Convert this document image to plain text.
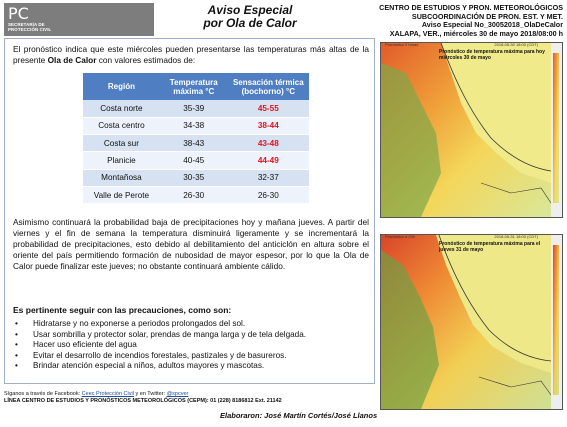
PC
SECRETARÍA DE
PROTECCIÓN CIVIL
Aviso Especial
por Ola de Calor
CENTRO DE ESTUDIOS Y PRON. METEOROLÓGICOS
SUBCOORDINACIÓN DE PRON. EST. Y MET.
Aviso Especial No_30052018_OlaDeCalor
XALAPA, VER., miércoles 30 de mayo 2018/08:00 h

El pronóstico indica que este miércoles pueden presentarse las temperaturas más altas de la presente Ola de Calor con valores estimados de:

Región	Temperatura máxima °C	Sensación térmica (bochorno) °C
Costa norte	35-39	45-55
Costa centro	34-38	38-44
Costa sur	38-43	43-48
Planicie	40-45	44-49
Montañosa	30-35	32-37
Valle de Perote	26-30	26-30

Asimismo continuará la probabilidad baja de precipitaciones hoy y mañana jueves. A partir del viernes y el fin de semana la temperatura disminuirá ligeramente y se incrementará la probabilidad de precipitaciones, esto debido al debilitamiento del anticiclón en altura sobre el oriente del país permitiendo formación de nubosidad de mayor espesor, por lo que la Ola de Calor puede finalizar este jueves; no obstante continuará ambiente cálido.

Es pertinente seguir con las precauciones, como son:
• Hidratarse y no exponerse a periodos prolongados del sol.
• Usar sombrilla y protector solar, prendas de manga larga y de tela delgada.
• Hacer uso eficiente del agua
• Evitar el desarrollo de incendios forestales, pastizales y de basureros.
• Brindar atención especial a niños, adultos mayores y mascotas.
Síganos a través de Facebook: Ceec Protección Civil y en Twitter: @spcver
LÍNEA CENTRO DE ESTUDIOS Y PRONÓSTICOS METEOROLÓGICOS (CEPM): 01 (228) 8186812 Ext. 21142
Elaboraron: José Martín Cortés/José Llanos
Pronóstico 0 horas	2018-05-30 18:00 (CDT)
Pronóstico de temperatura máxima para hoy miércoles 30 de mayo
Pronóstico a 24h	2018-05-31 18:00 (CDT)
Pronóstico de temperatura máxima para el jueves 31 de mayo
